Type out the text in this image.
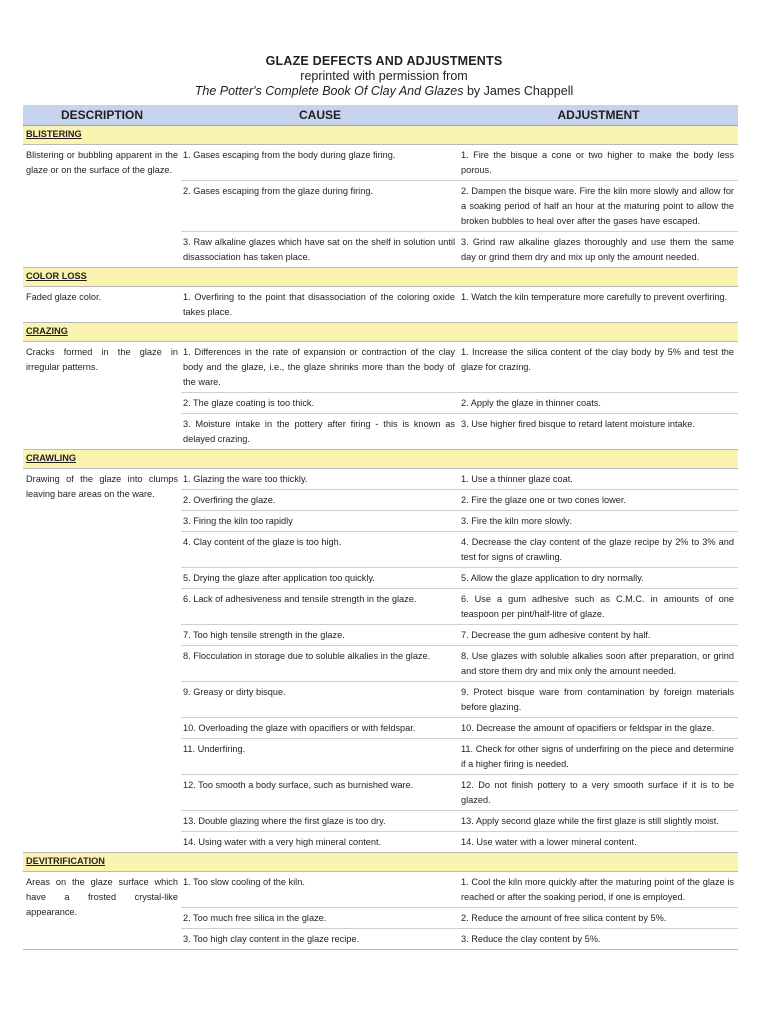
GLAZE DEFECTS AND ADJUSTMENTS
reprinted with permission from
The Potter's Complete Book Of Clay And Glazes by James Chappell
DESCRIPTION	CAUSE	ADJUSTMENT
BLISTERING		
Blistering or bubbling apparent in the glaze or on the surface of the glaze.	1. Gases escaping from the body during glaze firing.	1. Fire the bisque a cone or two higher to make the body less porous.
	2. Gases escaping from the glaze during firing.	2. Dampen the bisque ware. Fire the kiln more slowly and allow for a soaking period of half an hour at the maturing point to allow the broken bubbles to heal over after the gases have escaped.
	3. Raw alkaline glazes which have sat on the shelf in solution until disassociation has taken place.	3. Grind raw alkaline glazes thoroughly and use them the same day or grind them dry and mix up only the amount needed.
COLOR LOSS		
Faded glaze color.	1. Overfiring to the point that disassociation of the coloring oxide takes place.	1. Watch the kiln temperature more carefully to prevent overfiring.
CRAZING		
Cracks formed in the glaze in irregular patterns.	1. Differences in the rate of expansion or contraction of the clay body and the glaze, i.e., the glaze shrinks more than the body of the ware.	1. Increase the silica content of the clay body by 5% and test the glaze for crazing.
	2. The glaze coating is too thick.	2. Apply the glaze in thinner coats.
	3. Moisture intake in the pottery after firing - this is known as delayed crazing.	3. Use higher fired bisque to retard latent moisture intake.
CRAWLING		
Drawing of the glaze into clumps leaving bare areas on the ware.	1. Glazing the ware too thickly.	1. Use a thinner glaze coat.
	2. Overfiring the glaze.	2. Fire the glaze one or two cones lower.
	3. Firing the kiln too rapidly	3. Fire the kiln more slowly.
	4. Clay content of the glaze is too high.	4. Decrease the clay content of the glaze recipe by 2% to 3% and test for signs of crawling.
	5. Drying the glaze after application too quickly.	5. Allow the glaze application to dry normally.
	6. Lack of adhesiveness and tensile strength in the glaze.	6. Use a gum adhesive such as C.M.C. in amounts of one teaspoon per pint/half-litre of glaze.
	7. Too high tensile strength in the glaze.	7. Decrease the gum adhesive content by half.
	8. Flocculation in storage due to soluble alkalies in the glaze.	8. Use glazes with soluble alkalies soon after preparation, or grind and store them dry and mix only the amount needed.
	9. Greasy or dirty bisque.	9. Protect bisque ware from contamination by foreign materials before glazing.
	10. Overloading the glaze with opacifiers or with feldspar.	10. Decrease the amount of opacifiers or feldspar in the glaze.
	11. Underfiring.	11. Check for other signs of underfiring on the piece and determine if a higher firing is needed.
	12. Too smooth a body surface, such as burnished ware.	12. Do not finish pottery to a very smooth surface if it is to be glazed.
	13. Double glazing where the first glaze is too dry.	13. Apply second glaze while the first glaze is still slightly moist.
	14. Using water with a very high mineral content.	14. Use water with a lower mineral content.
DEVITRIFICATION		
Areas on the glaze surface which have a frosted crystal-like appearance.	1. Too slow cooling of the kiln.	1. Cool the kiln more quickly after the maturing point of the glaze is reached or after the soaking period, if one is employed.
	2. Too much free silica in the glaze.	2. Reduce the amount of free silica content by 5%.
	3. Too high clay content in the glaze recipe.	3. Reduce the clay content by 5%.
